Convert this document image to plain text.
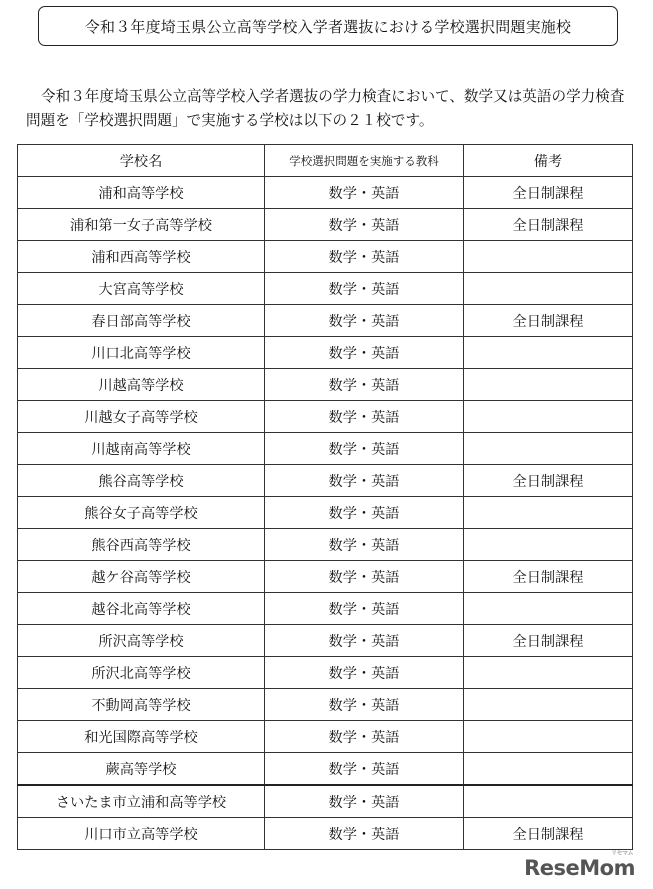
令和３年度埼玉県公立高等学校入学者選抜における学校選択問題実施校

令和３年度埼玉県公立高等学校入学者選抜の学力検査において、数学又は英語の学力検査問題を「学校選択問題」で実施する学校は以下の２１校です。

学校名	学校選択問題を実施する教科	備考
浦和高等学校	数学・英語	全日制課程
浦和第一女子高等学校	数学・英語	全日制課程
浦和西高等学校	数学・英語	
大宮高等学校	数学・英語	
春日部高等学校	数学・英語	全日制課程
川口北高等学校	数学・英語	
川越高等学校	数学・英語	
川越女子高等学校	数学・英語	
川越南高等学校	数学・英語	
熊谷高等学校	数学・英語	全日制課程
熊谷女子高等学校	数学・英語	
熊谷西高等学校	数学・英語	
越ケ谷高等学校	数学・英語	全日制課程
越谷北高等学校	数学・英語	
所沢高等学校	数学・英語	全日制課程
所沢北高等学校	数学・英語	
不動岡高等学校	数学・英語	
和光国際高等学校	数学・英語	
蕨高等学校	数学・英語	
さいたま市立浦和高等学校	数学・英語	
川口市立高等学校	数学・英語	全日制課程
リセマム
ReseMom
